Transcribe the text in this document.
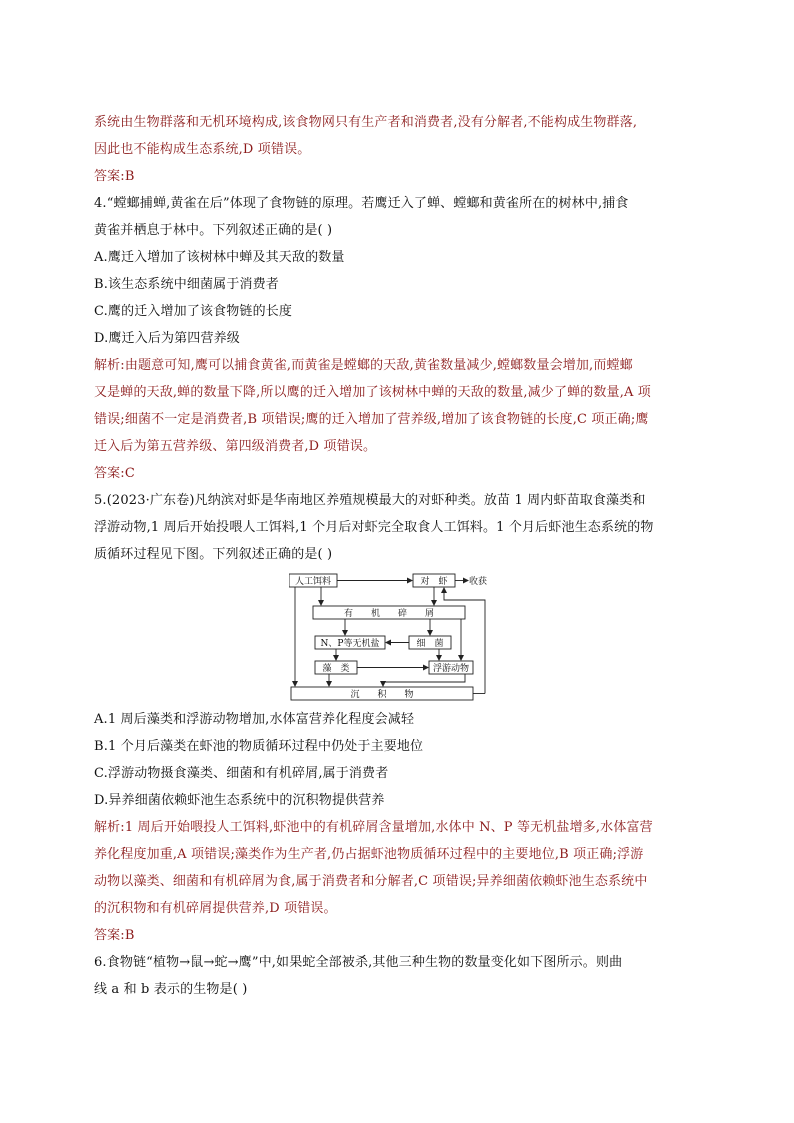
系统由生物群落和无机环境构成,该食物网只有生产者和消费者,没有分解者,不能构成生物群落,
因此也不能构成生态系统,D 项错误。
答案:B
4.“螳螂捕蝉,黄雀在后”体现了食物链的原理。若鹰迁入了蝉、螳螂和黄雀所在的树林中,捕食
黄雀并栖息于林中。下列叙述正确的是( )
A.鹰迁入增加了该树林中蝉及其天敌的数量
B.该生态系统中细菌属于消费者
C.鹰的迁入增加了该食物链的长度
D.鹰迁入后为第四营养级
解析:由题意可知,鹰可以捕食黄雀,而黄雀是螳螂的天敌,黄雀数量减少,螳螂数量会增加,而螳螂
又是蝉的天敌,蝉的数量下降,所以鹰的迁入增加了该树林中蝉的天敌的数量,减少了蝉的数量,A 项
错误;细菌不一定是消费者,B 项错误;鹰的迁入增加了营养级,增加了该食物链的长度,C 项正确;鹰
迁入后为第五营养级、第四级消费者,D 项错误。
答案:C
5.(2023·广东卷)凡纳滨对虾是华南地区养殖规模最大的对虾种类。放苗 1 周内虾苗取食藻类和
浮游动物,1 周后开始投喂人工饵料,1 个月后对虾完全取食人工饵料。1 个月后虾池生态系统的物
质循环过程见下图。下列叙述正确的是( )
人工饵料	对　虾 收获
有　　机　　碎　　屑
N、P等无机盐	细　菌
藻　类	浮游动物
沉　　积　　物
A.1 周后藻类和浮游动物增加,水体富营养化程度会减轻
B.1 个月后藻类在虾池的物质循环过程中仍处于主要地位
C.浮游动物摄食藻类、细菌和有机碎屑,属于消费者
D.异养细菌依赖虾池生态系统中的沉积物提供营养
解析:1 周后开始喂投人工饵料,虾池中的有机碎屑含量增加,水体中 N、P 等无机盐增多,水体富营
养化程度加重,A 项错误;藻类作为生产者,仍占据虾池物质循环过程中的主要地位,B 项正确;浮游
动物以藻类、细菌和有机碎屑为食,属于消费者和分解者,C 项错误;异养细菌依赖虾池生态系统中
的沉积物和有机碎屑提供营养,D 项错误。
答案:B
6.食物链“植物→鼠→蛇→鹰”中,如果蛇全部被杀,其他三种生物的数量变化如下图所示。则曲
线 a 和 b 表示的生物是( )
